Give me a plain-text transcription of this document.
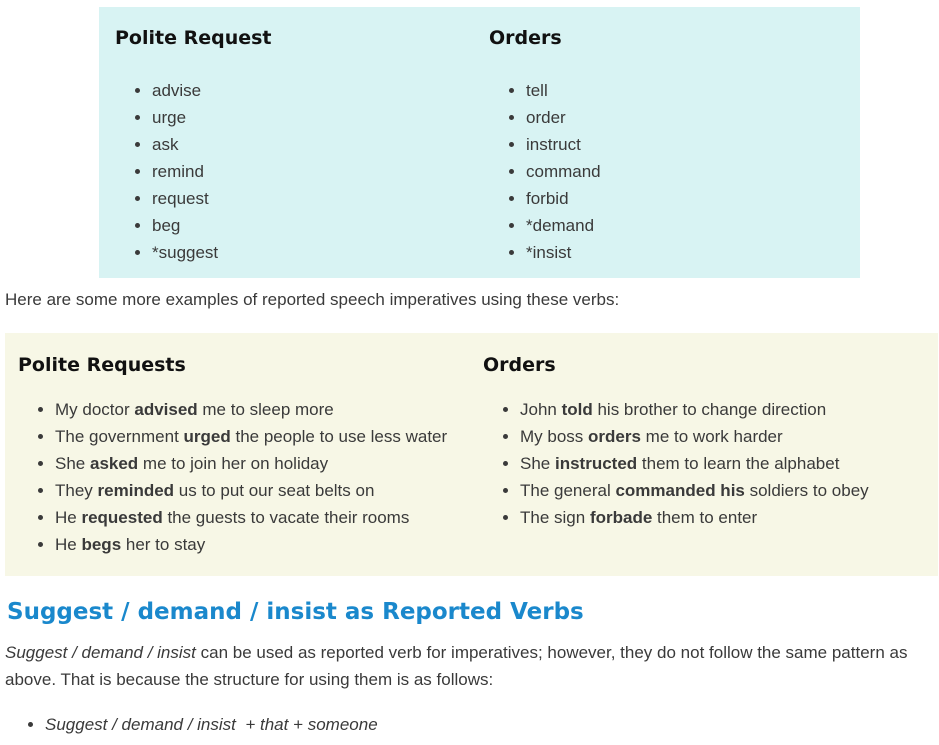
Polite Request
• advise
• urge
• ask
• remind
• request
• beg
• *suggest
Orders
• tell
• order
• instruct
• command
• forbid
• *demand
• *insist

Here are some more examples of reported speech imperatives using these verbs:

Polite Requests
• My doctor advised me to sleep more
• The government urged the people to use less water
• She asked me to join her on holiday
• They reminded us to put our seat belts on
• He requested the guests to vacate their rooms
• He begs her to stay
Orders
• John told his brother to change direction
• My boss orders me to work harder
• She instructed them to learn the alphabet
• The general commanded his soldiers to obey
• The sign forbade them to enter
Suggest / demand / insist as Reported Verbs

Suggest / demand / insist can be used as reported verb for imperatives; however, they do not follow the same pattern as above. That is because the structure for using them is as follows:

• Suggest / demand / insist  + that + someone
